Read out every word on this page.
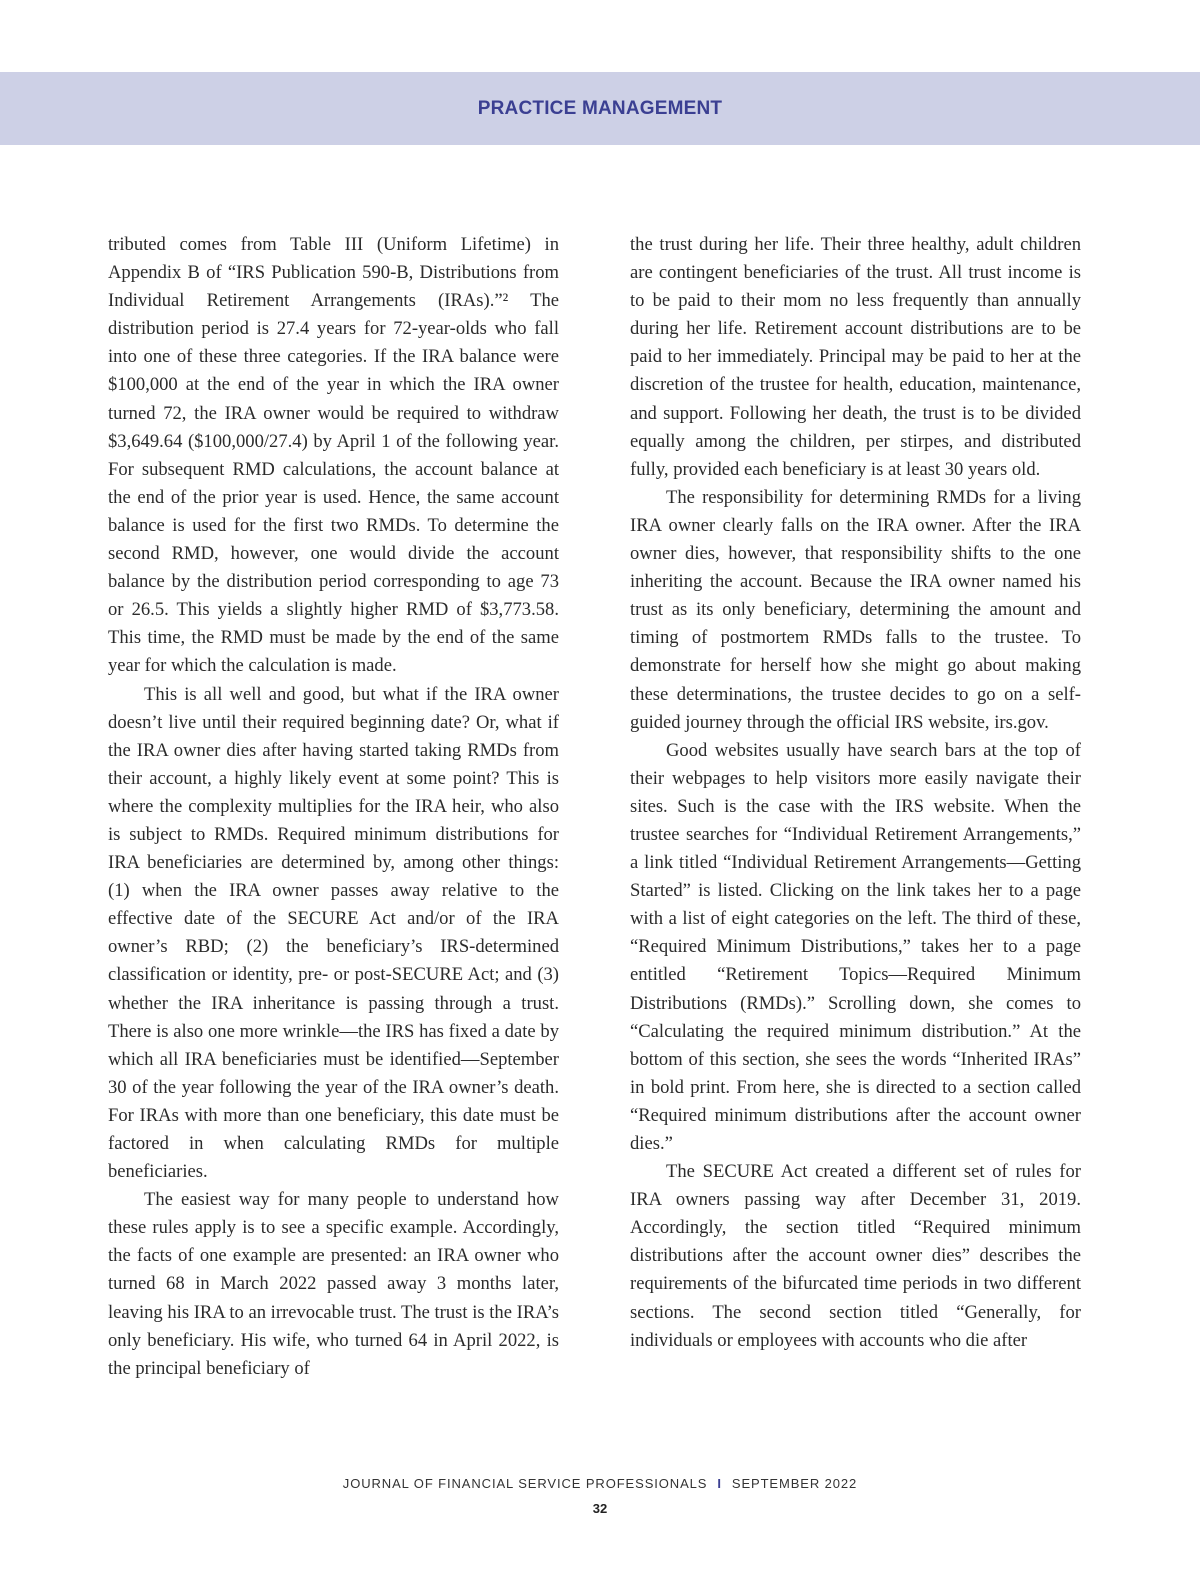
PRACTICE MANAGEMENT

tributed comes from Table III (Uniform Lifetime) in Appendix B of “IRS Publication 590-B, Distributions from Individual Retirement Arrangements (IRAs).”² The distribution period is 27.4 years for 72-year-olds who fall into one of these three categories. If the IRA balance were $100,000 at the end of the year in which the IRA owner turned 72, the IRA owner would be required to withdraw $3,649.64 ($100,000/27.4) by April 1 of the following year. For subsequent RMD calculations, the account balance at the end of the prior year is used. Hence, the same account balance is used for the first two RMDs. To determine the second RMD, however, one would divide the account balance by the distribution period corresponding to age 73 or 26.5. This yields a slightly higher RMD of $3,773.58. This time, the RMD must be made by the end of the same year for which the calculation is made.

This is all well and good, but what if the IRA owner doesn’t live until their required beginning date? Or, what if the IRA owner dies after having started taking RMDs from their account, a highly likely event at some point? This is where the complexity multiplies for the IRA heir, who also is subject to RMDs. Required minimum distributions for IRA beneficiaries are determined by, among other things: (1) when the IRA owner passes away relative to the effective date of the SECURE Act and/or of the IRA owner’s RBD; (2) the beneficiary’s IRS-determined classification or identity, pre- or post-SECURE Act; and (3) whether the IRA inheritance is passing through a trust. There is also one more wrinkle—the IRS has fixed a date by which all IRA beneficiaries must be identified—September 30 of the year following the year of the IRA owner’s death. For IRAs with more than one beneficiary, this date must be factored in when calculating RMDs for multiple beneficiaries.

The easiest way for many people to understand how these rules apply is to see a specific example. Accordingly, the facts of one example are presented: an IRA owner who turned 68 in March 2022 passed away 3 months later, leaving his IRA to an irrevocable trust. The trust is the IRA’s only beneficiary. His wife, who turned 64 in April 2022, is the principal beneficiary of

the trust during her life. Their three healthy, adult children are contingent beneficiaries of the trust. All trust income is to be paid to their mom no less frequently than annually during her life. Retirement account distributions are to be paid to her immediately. Principal may be paid to her at the discretion of the trustee for health, education, maintenance, and support. Following her death, the trust is to be divided equally among the children, per stirpes, and distributed fully, provided each beneficiary is at least 30 years old.

The responsibility for determining RMDs for a living IRA owner clearly falls on the IRA owner. After the IRA owner dies, however, that responsibility shifts to the one inheriting the account. Because the IRA owner named his trust as its only beneficiary, determining the amount and timing of postmortem RMDs falls to the trustee. To demonstrate for herself how she might go about making these determinations, the trustee decides to go on a self-guided journey through the official IRS website, irs.gov.

Good websites usually have search bars at the top of their webpages to help visitors more easily navigate their sites. Such is the case with the IRS website. When the trustee searches for “Individual Retirement Arrangements,” a link titled “Individual Retirement Arrangements—Getting Started” is listed. Clicking on the link takes her to a page with a list of eight categories on the left. The third of these, “Required Minimum Distributions,” takes her to a page entitled “Retirement Topics—Required Minimum Distributions (RMDs).” Scrolling down, she comes to “Calculating the required minimum distribution.” At the bottom of this section, she sees the words “Inherited IRAs” in bold print. From here, she is directed to a section called “Required minimum distributions after the account owner dies.”

The SECURE Act created a different set of rules for IRA owners passing way after December 31, 2019. Accordingly, the section titled “Required minimum distributions after the account owner dies” describes the requirements of the bifurcated time periods in two different sections. The second section titled “Generally, for individuals or employees with accounts who die after

JOURNAL OF FINANCIAL SERVICE PROFESSIONALS I SEPTEMBER 2022
32
